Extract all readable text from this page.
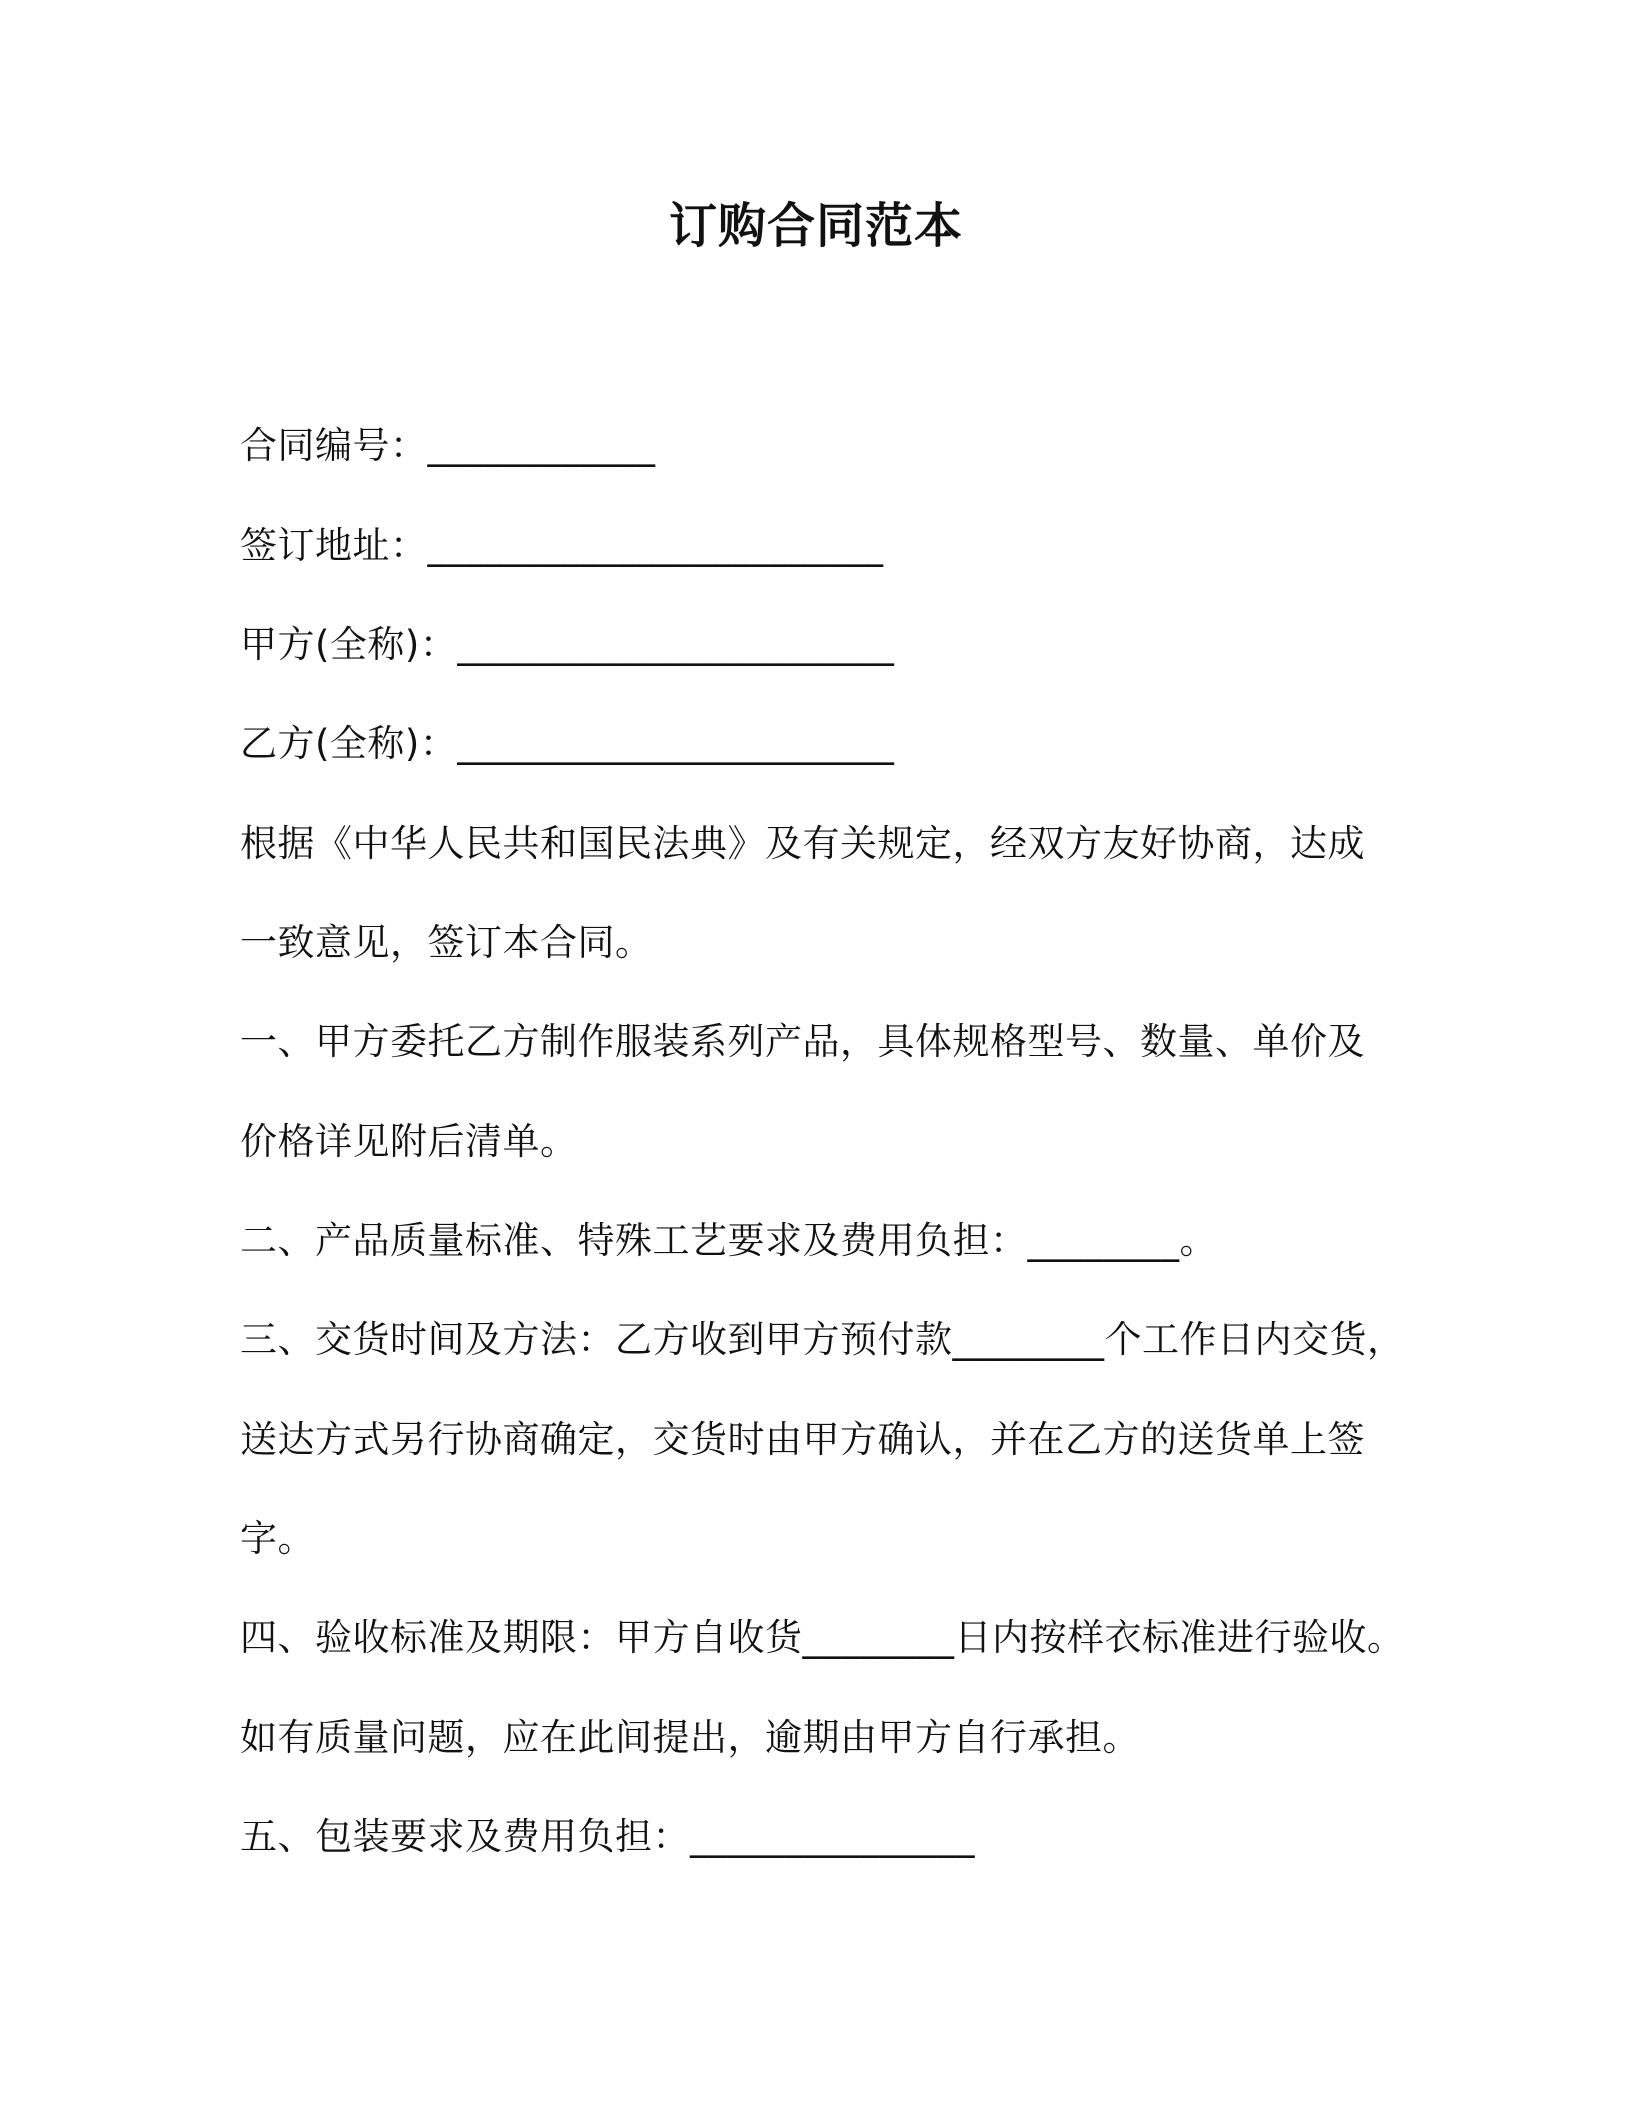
订购合同范本
合同编号：____________
签订地址：________________________
甲方(全称)：_______________________
乙方(全称)：_______________________
根据《中华人民共和国民法典》及有关规定，经双方友好协商，达成
一致意见，签订本合同。
一、甲方委托乙方制作服装系列产品，具体规格型号、数量、单价及
价格详见附后清单。
二、产品质量标准、特殊工艺要求及费用负担：________。
三、交货时间及方法：乙方收到甲方预付款________个工作日内交货，
送达方式另行协商确定，交货时由甲方确认，并在乙方的送货单上签
字。
四、验收标准及期限：甲方自收货________日内按样衣标准进行验收。
如有质量问题，应在此间提出，逾期由甲方自行承担。
五、包装要求及费用负担：_______________
